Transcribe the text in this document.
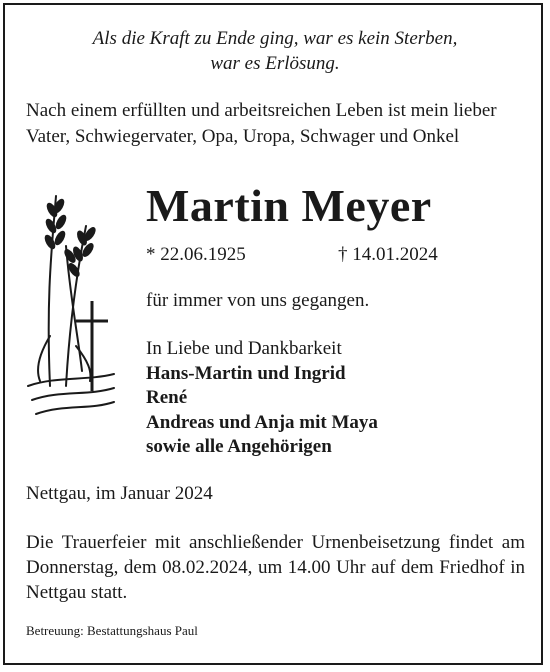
Als die Kraft zu Ende ging, war es kein Sterben,
war es Erlösung.
Nach einem erfüllten und arbeitsreichen Leben ist mein lieber
Vater, Schwiegervater, Opa, Uropa, Schwager und Onkel
Martin Meyer
* 22.06.1925	† 14.01.2024
für immer von uns gegangen.
In Liebe und Dankbarkeit
Hans-Martin und Ingrid
René
Andreas und Anja mit Maya
sowie alle Angehörigen
Nettgau, im Januar 2024
Die Trauerfeier mit anschließender Urnenbeisetzung findet am Donnerstag, dem 08.02.2024, um 14.00 Uhr auf dem Friedhof in Nettgau statt.
Betreuung: Bestattungshaus Paul
